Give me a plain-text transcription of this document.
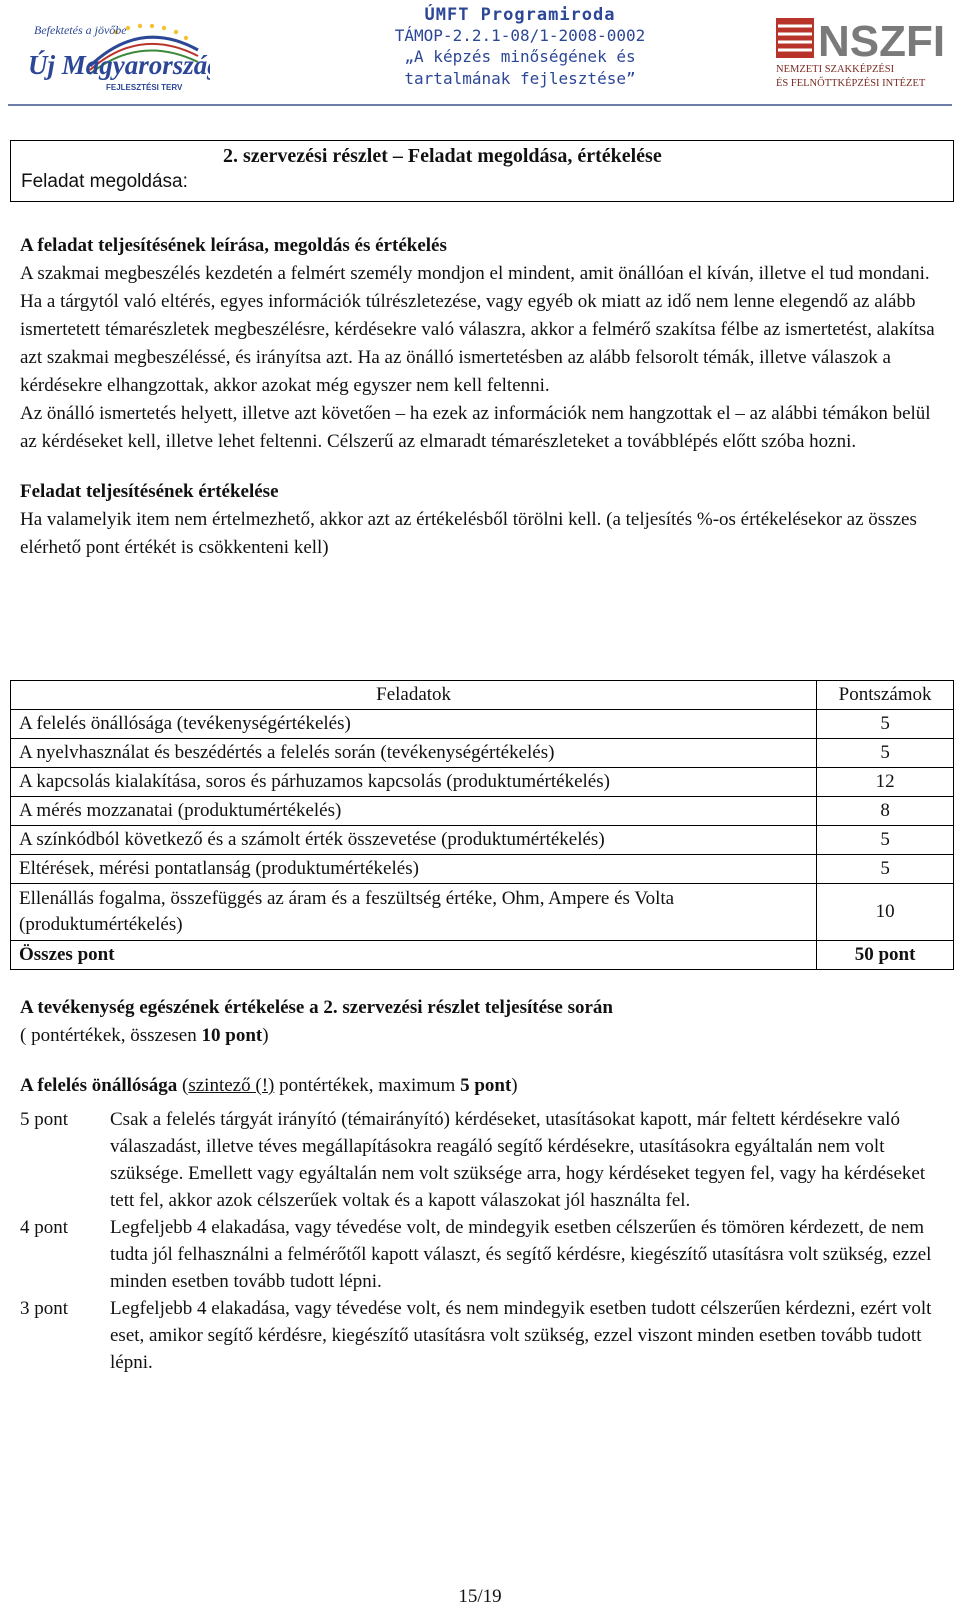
Befektetés a jövőbe
Új Magyarország
FEJLESZTÉSI TERV
ÚMFT Programiroda
TÁMOP-2.2.1-08/1-2008-0002
„A képzés minőségének és tartalmának fejlesztése”
NSZFI
NEMZETI SZAKKÉPZÉSI
ÉS FELNŐTTKÉPZÉSI INTÉZET
2. szervezési részlet – Feladat megoldása, értékelése
Feladat megoldása:

A feladat teljesítésének leírása, megoldás és értékelés

A szakmai megbeszélés kezdetén a felmért személy mondjon el mindent, amit önállóan el kíván, illetve el tud mondani. Ha a tárgytól való eltérés, egyes információk túlrészletezése, vagy egyéb ok miatt az idő nem lenne elegendő az alább ismertetett témarészletek megbeszélésre, kérdésekre való válaszra, akkor a felmérő szakítsa félbe az ismertetést, alakítsa azt szakmai megbeszéléssé, és irányítsa azt. Ha az önálló ismertetésben az alább felsorolt témák, illetve válaszok a kérdésekre elhangzottak, akkor azokat még egyszer nem kell feltenni.

Az önálló ismertetés helyett, illetve azt követően – ha ezek az információk nem hangzottak el – az alábbi témákon belül az kérdéseket kell, illetve lehet feltenni. Célszerű az elmaradt témarészleteket a továbblépés előtt szóba hozni.

Feladat teljesítésének értékelése

Ha valamelyik item nem értelmezhető, akkor azt az értékelésből törölni kell. (a teljesítés %-os értékelésekor az összes elérhető pont értékét is csökkenteni kell)

Feladatok	Pontszámok
A felelés önállósága (tevékenységértékelés)	5
A nyelvhasználat és beszédértés a felelés során (tevékenységértékelés)	5
A kapcsolás kialakítása, soros és párhuzamos kapcsolás (produktumértékelés)	12
A mérés mozzanatai (produktumértékelés)	8
A színkódból következő és a számolt érték összevetése (produktumértékelés)	5
Eltérések, mérési pontatlanság (produktumértékelés)	5
Ellenállás fogalma, összefüggés az áram és a feszültség értéke, Ohm, Ampere és Volta (produktumértékelés)	10
Összes pont	50 pont

A tevékenység egészének értékelése a 2. szervezési részlet teljesítése során

( pontértékek, összesen 10 pont)

A felelés önállósága (szintező (!) pontértékek, maximum 5 pont)

5 pont	Csak a felelés tárgyát irányító (témairányító) kérdéseket, utasításokat kapott, már feltett kérdésekre való válaszadást, illetve téves megállapításokra reagáló segítő kérdésekre, utasításokra egyáltalán nem volt szüksége. Emellett vagy egyáltalán nem volt szüksége arra, hogy kérdéseket tegyen fel, vagy ha kérdéseket tett fel, akkor azok célszerűek voltak és a kapott válaszokat jól használta fel.
4 pont	Legfeljebb 4 elakadása, vagy tévedése volt, de mindegyik esetben célszerűen és tömören kérdezett, de nem tudta jól felhasználni a felmérőtől kapott választ, és segítő kérdésre, kiegészítő utasításra volt szükség, ezzel minden esetben tovább tudott lépni.
3 pont	Legfeljebb 4 elakadása, vagy tévedése volt, és nem mindegyik esetben tudott célszerűen kérdezni, ezért volt eset, amikor segítő kérdésre, kiegészítő utasításra volt szükség, ezzel viszont minden esetben tovább tudott lépni.
15/19
